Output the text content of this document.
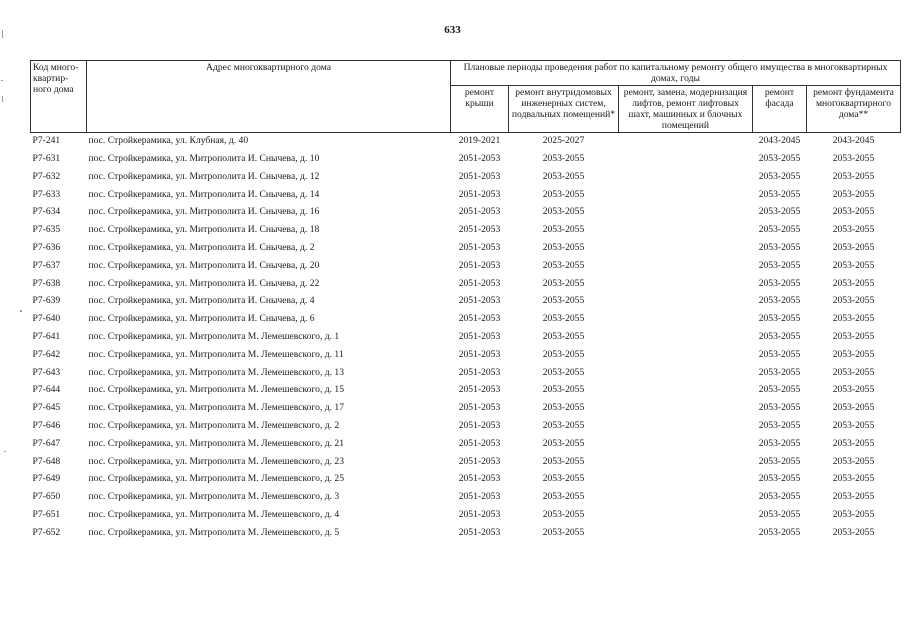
633
Код много-квартир-ного дома	Адрес многоквартирного дома	Плановые периоды проведения работ по капитальному ремонту общего имущества в многоквартирных домах, годы				
		ремонт крыши	ремонт внутридомовых инженерных систем, подвальных помещений*	ремонт, замена, модернизация лифтов, ремонт лифтовых шахт, машинных и блочных помещений	ремонт фасада	ремонт фундамента многоквартирного дома**
Р7-241	пос. Стройкерамика, ул. Клубная, д. 40	2019-2021	2025-2027		2043-2045	2043-2045
Р7-631	пос. Стройкерамика, ул. Митрополита И. Снычева, д. 10	2051-2053	2053-2055		2053-2055	2053-2055
Р7-632	пос. Стройкерамика, ул. Митрополита И. Снычева, д. 12	2051-2053	2053-2055		2053-2055	2053-2055
Р7-633	пос. Стройкерамика, ул. Митрополита И. Снычева, д. 14	2051-2053	2053-2055		2053-2055	2053-2055
Р7-634	пос. Стройкерамика, ул. Митрополита И. Снычева, д. 16	2051-2053	2053-2055		2053-2055	2053-2055
Р7-635	пос. Стройкерамика, ул. Митрополита И. Снычева, д. 18	2051-2053	2053-2055		2053-2055	2053-2055
Р7-636	пос. Стройкерамика, ул. Митрополита И. Снычева, д. 2	2051-2053	2053-2055		2053-2055	2053-2055
Р7-637	пос. Стройкерамика, ул. Митрополита И. Снычева, д. 20	2051-2053	2053-2055		2053-2055	2053-2055
Р7-638	пос. Стройкерамика, ул. Митрополита И. Снычева, д. 22	2051-2053	2053-2055		2053-2055	2053-2055
Р7-639	пос. Стройкерамика, ул. Митрополита И. Снычева, д. 4	2051-2053	2053-2055		2053-2055	2053-2055
Р7-640	пос. Стройкерамика, ул. Митрополита И. Снычева, д. 6	2051-2053	2053-2055		2053-2055	2053-2055
Р7-641	пос. Стройкерамика, ул. Митрополита М. Лемешевского, д. 1	2051-2053	2053-2055		2053-2055	2053-2055
Р7-642	пос. Стройкерамика, ул. Митрополита М. Лемешевского, д. 11	2051-2053	2053-2055		2053-2055	2053-2055
Р7-643	пос. Стройкерамика, ул. Митрополита М. Лемешевского, д. 13	2051-2053	2053-2055		2053-2055	2053-2055
Р7-644	пос. Стройкерамика, ул. Митрополита М. Лемешевского, д. 15	2051-2053	2053-2055		2053-2055	2053-2055
Р7-645	пос. Стройкерамика, ул. Митрополита М. Лемешевского, д. 17	2051-2053	2053-2055		2053-2055	2053-2055
Р7-646	пос. Стройкерамика, ул. Митрополита М. Лемешевского, д. 2	2051-2053	2053-2055		2053-2055	2053-2055
Р7-647	пос. Стройкерамика, ул. Митрополита М. Лемешевского, д. 21	2051-2053	2053-2055		2053-2055	2053-2055
Р7-648	пос. Стройкерамика, ул. Митрополита М. Лемешевского, д. 23	2051-2053	2053-2055		2053-2055	2053-2055
Р7-649	пос. Стройкерамика, ул. Митрополита М. Лемешевского, д. 25	2051-2053	2053-2055		2053-2055	2053-2055
Р7-650	пос. Стройкерамика, ул. Митрополита М. Лемешевского, д. 3	2051-2053	2053-2055		2053-2055	2053-2055
Р7-651	пос. Стройкерамика, ул. Митрополита М. Лемешевского, д. 4	2051-2053	2053-2055		2053-2055	2053-2055
Р7-652	пос. Стройкерамика, ул. Митрополита М. Лемешевского, д. 5	2051-2053	2053-2055		2053-2055	2053-2055
